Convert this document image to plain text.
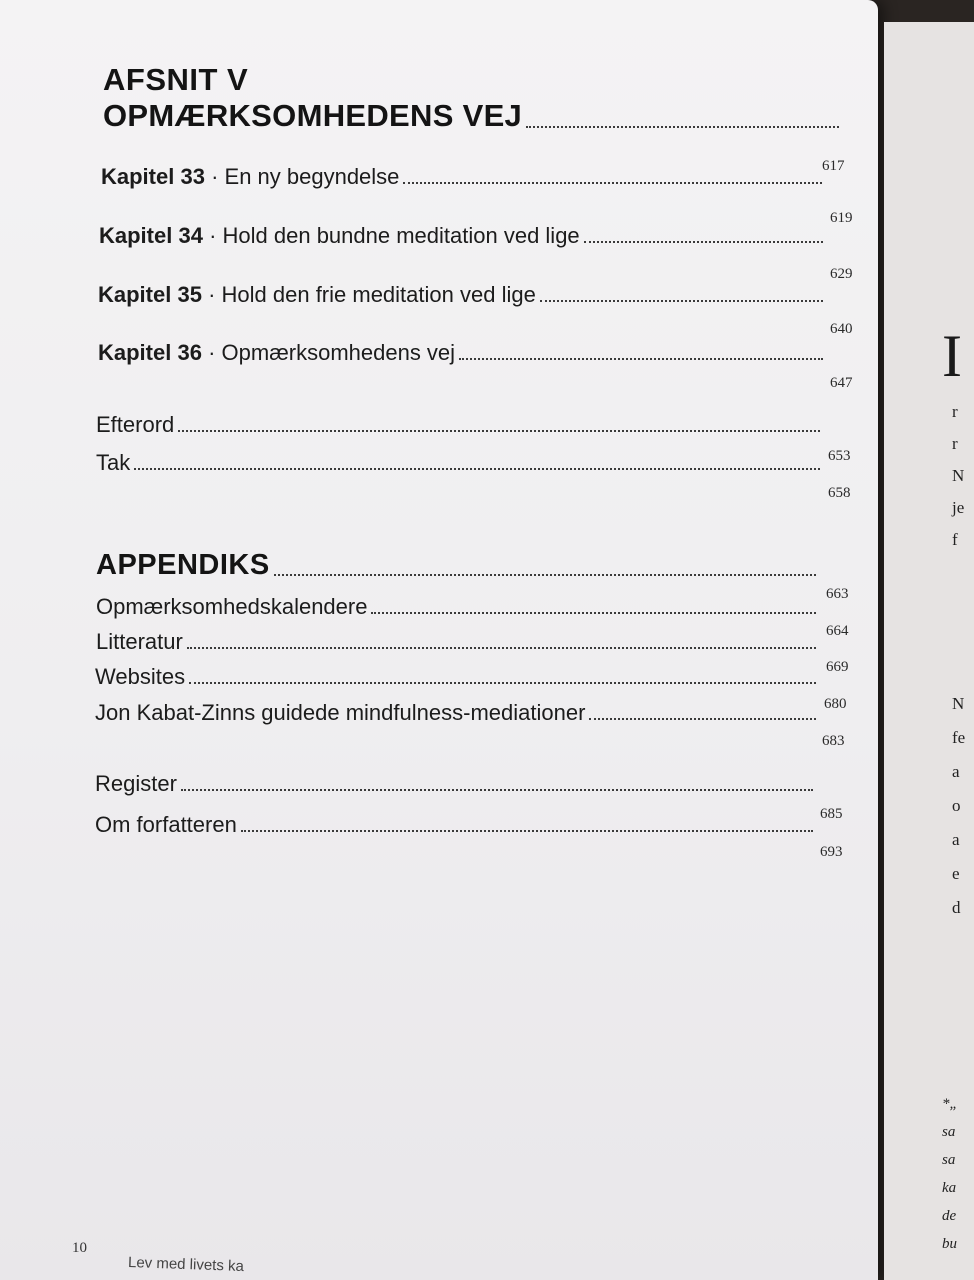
AFSNIT V
OPMÆRKSOMHEDENS VEJ
617
Kapitel 33 · En ny begyndelse
619
Kapitel 34 · Hold den bundne meditation ved lige
629
Kapitel 35 · Hold den frie meditation ved lige
640
Kapitel 36 · Opmærksomhedens vej
647
Efterord
653
Tak
658
APPENDIKS
663
Opmærksomhedskalendere
664
Litteratur
669
Websites
680
Jon Kabat-Zinns guidede mindfulness-mediationer
683
Register
685
Om forfatteren
693
10
Lev med livets ka
I
r
r
N
je
f
N
fe
a
o
a
e
d
*„
sa
sa
ka
de
bu
